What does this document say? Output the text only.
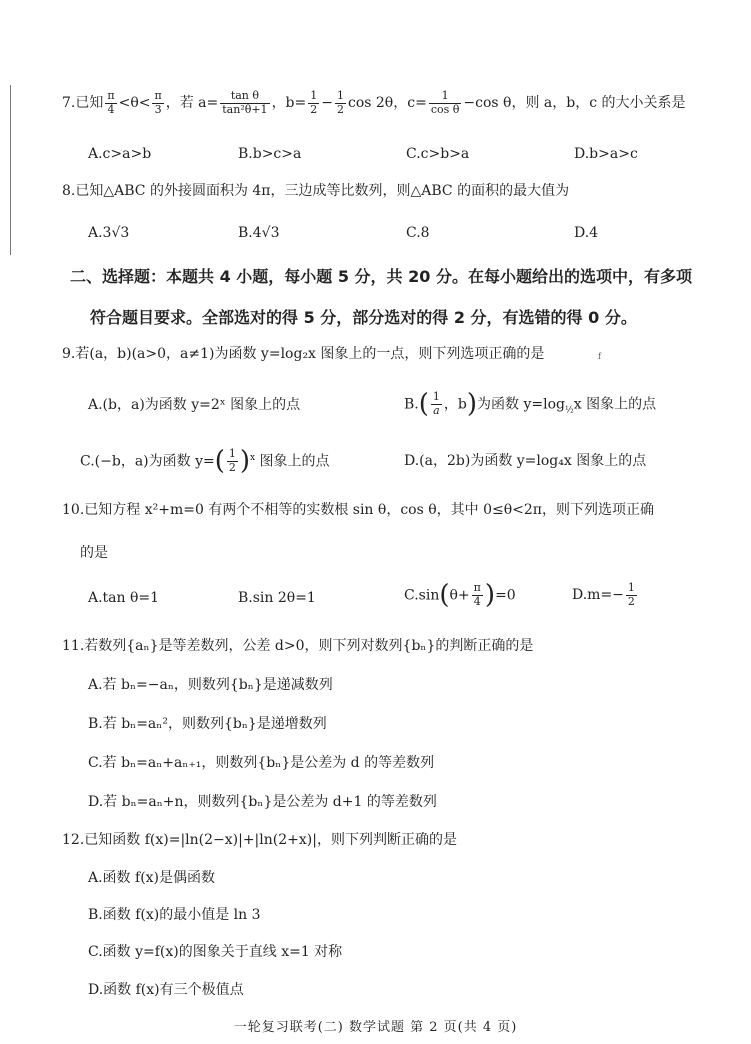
7.已知 $\frac{\pi}{4} <\theta< \frac{\pi}{3}$ ，若 $a= \frac{\text{tan θ}}{\text{tan²θ+1}}$ ，$b= \frac{1}{2} - \frac{1}{2}$ cos 2θ，$c= \frac{1}{\text{cos θ}} -\cos$ θ，则 a，b，c 的大小关系是
A.c>a>b	B.b>c>a	C.c>b>a	D.b>a>c
8.已知△ABC 的外接圆面积为 4π，三边成等比数列，则△ABC 的面积的最大值为
A.3√3	B.4√3	C.8	D.4
二、选择题：本题共 4 小题，每小题 5 分，共 20 分。在每小题给出的选项中，有多项
符合题目要求。全部选对的得 5 分，部分选对的得 2 分，有选错的得 0 分。
9.若(a，b)(a>0，a≠1)为函数 y=log₂x 图象上的一点，则下列选项正确的是	f
A.(b，a)为函数 y=2ˣ 图象上的点	$B.( \frac{1}{a}$ ，b)为函数 $y=\log_{\frac{1}{2}}x$ 图象上的点
C.(−b，a)为函数 $y=( \frac{1}{2} )^x$ 图象上的点	D.(a，2b)为函数 y=log₄x 图象上的点
10.已知方程 x²+m=0 有两个不相等的实数根 sin θ，cos θ，其中 0≤θ<2π，则下列选项正确
的是
A.tan θ=1	B.sin 2θ=1	$C.\sin(\theta+ \frac{\pi}{4} )=0$	$D.m=- \frac{1}{2}$
11.若数列{aₙ}是等差数列，公差 d>0，则下列对数列{bₙ}的判断正确的是
A.若 bₙ=−aₙ，则数列{bₙ}是递减数列
B.若 bₙ=aₙ²，则数列{bₙ}是递增数列
C.若 bₙ=aₙ+aₙ₊₁，则数列{bₙ}是公差为 d 的等差数列
D.若 bₙ=aₙ+n，则数列{bₙ}是公差为 d+1 的等差数列
12.已知函数 f(x)=|ln(2−x)|+|ln(2+x)|，则下列判断正确的是
A.函数 f(x)是偶函数
B.函数 f(x)的最小值是 ln 3
C.函数 y=f(x)的图象关于直线 x=1 对称
D.函数 f(x)有三个极值点
一轮复习联考(二) 数学试题 第 2 页(共 4 页)
